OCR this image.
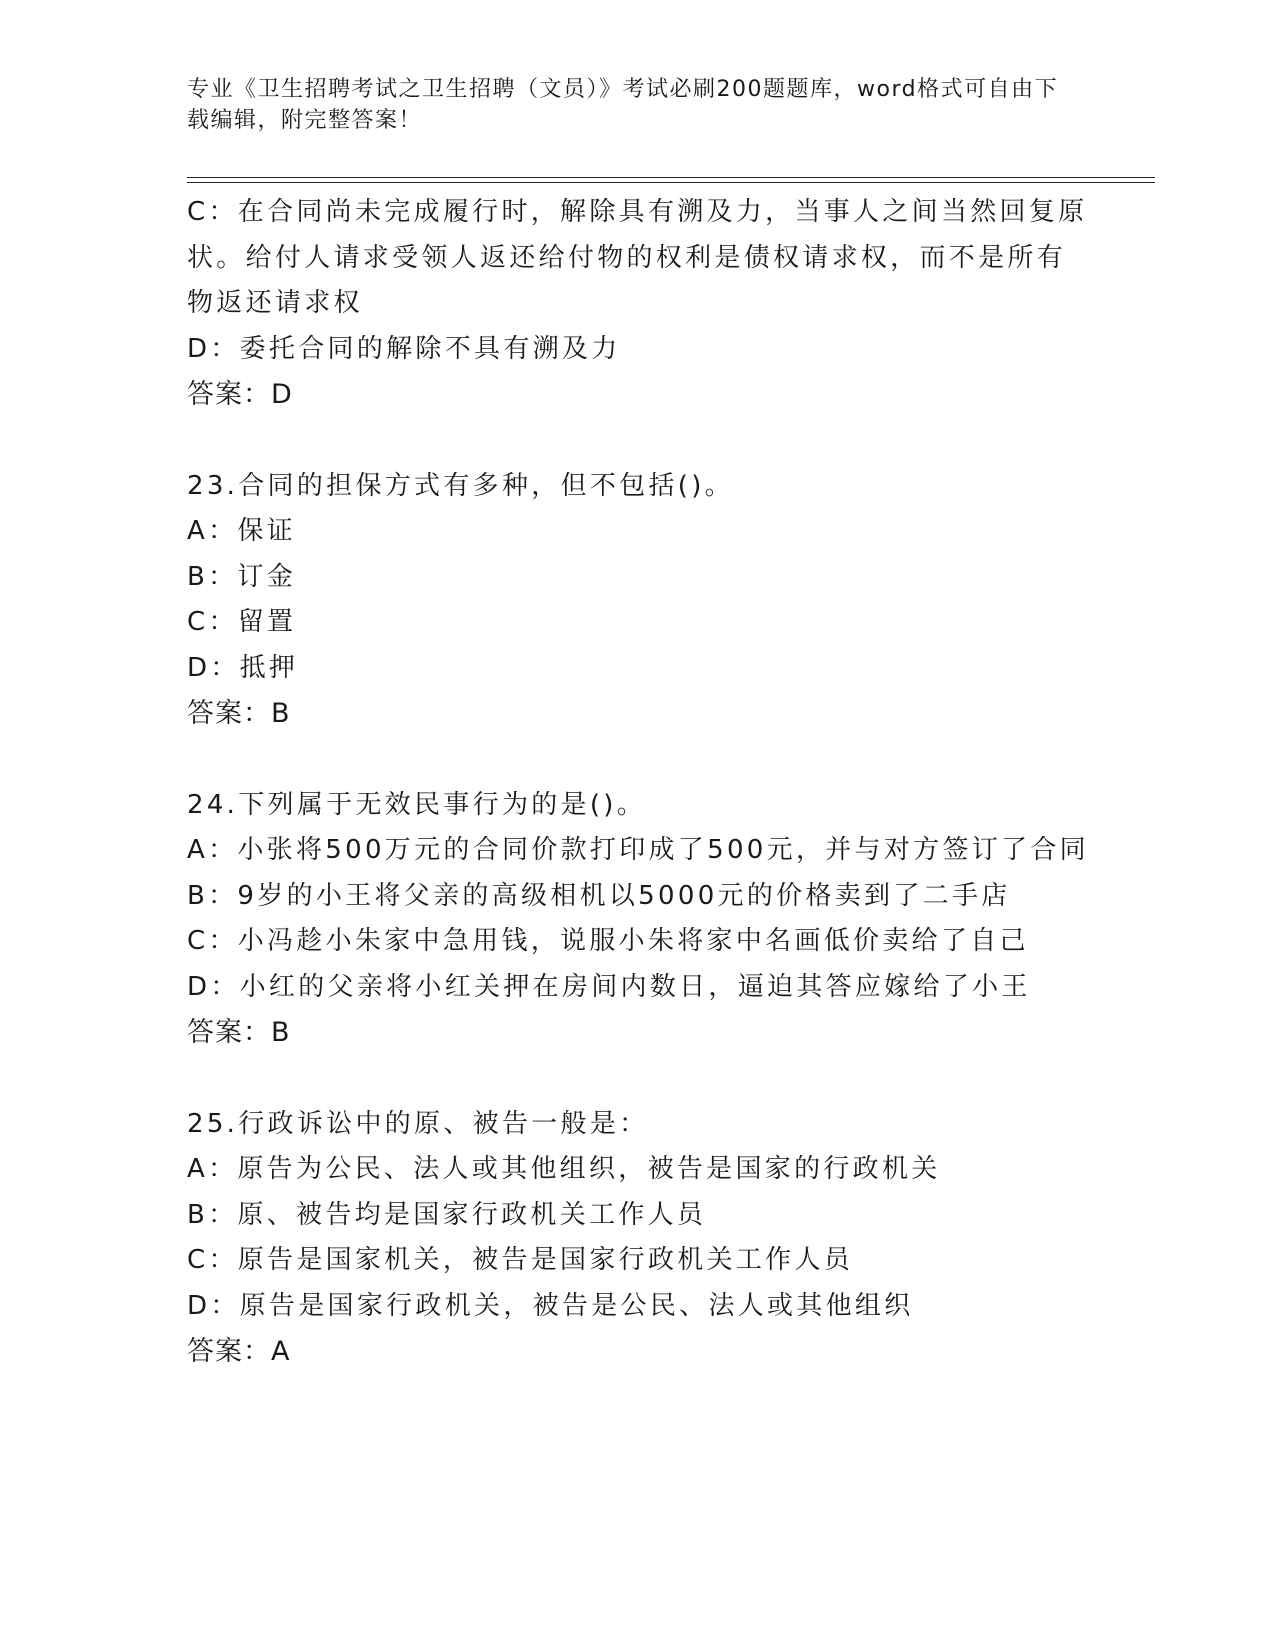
专业《卫生招聘考试之卫生招聘（文员）》考试必刷200题题库，word格式可自由下载编辑，附完整答案！
C：在合同尚未完成履行时，解除具有溯及力，当事人之间当然回复原
状。给付人请求受领人返还给付物的权利是债权请求权，而不是所有
物返还请求权
D：委托合同的解除不具有溯及力
答案：D
23.合同的担保方式有多种，但不包括()。
A：保证
B：订金
C：留置
D：抵押
答案：B
24.下列属于无效民事行为的是()。
A：小张将500万元的合同价款打印成了500元，并与对方签订了合同
B：9岁的小王将父亲的高级相机以5000元的价格卖到了二手店
C：小冯趁小朱家中急用钱，说服小朱将家中名画低价卖给了自己
D：小红的父亲将小红关押在房间内数日，逼迫其答应嫁给了小王
答案：B
25.行政诉讼中的原、被告一般是：
A：原告为公民、法人或其他组织，被告是国家的行政机关
B：原、被告均是国家行政机关工作人员
C：原告是国家机关，被告是国家行政机关工作人员
D：原告是国家行政机关，被告是公民、法人或其他组织
答案：A
